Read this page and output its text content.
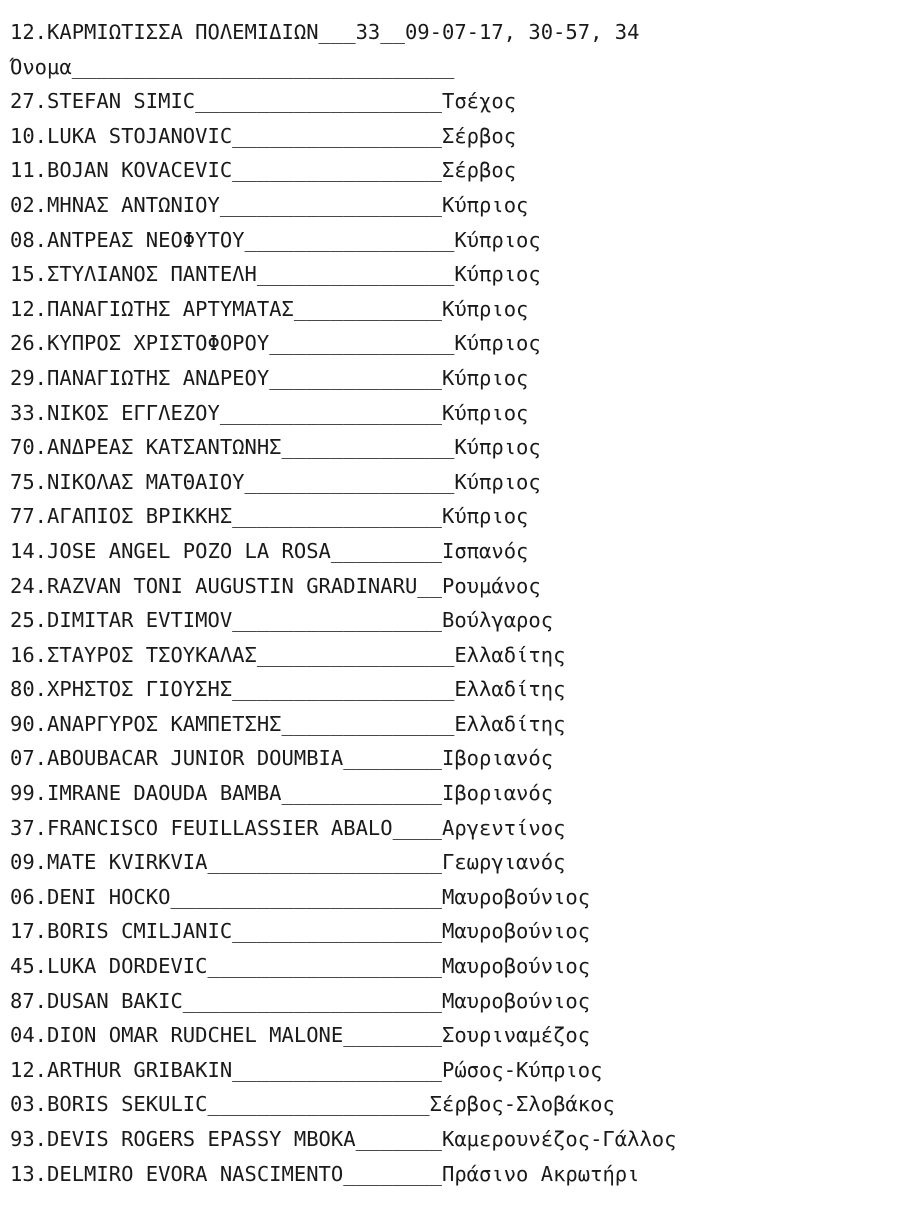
12.ΚΑΡΜΙΩΤΙΣΣΑ ΠΟΛΕΜΙΔΙΩΝ___33__09-07-17, 30-57, 34
Όνομα_______________________________
27.STEFAN SIMIC____________________Τσέχος
10.LUKA STOJANOVIC_________________Σέρβος
11.BOJAN KOVACEVIC_________________Σέρβος
02.ΜΗΝΑΣ ΑΝΤΩΝΙΟΥ__________________Κύπριος
08.ΑΝΤΡΕΑΣ ΝΕΟΦΥΤΟΥ_________________Κύπριος
15.ΣΤΥΛΙΑΝΟΣ ΠΑΝΤΕΛΗ________________Κύπριος
12.ΠΑΝΑΓΙΩΤΗΣ ΑΡΤΥΜΑΤΑΣ____________Κύπριος
26.ΚΥΠΡΟΣ ΧΡΙΣΤΟΦΟΡΟΥ_______________Κύπριος
29.ΠΑΝΑΓΙΩΤΗΣ ΑΝΔΡΕΟΥ______________Κύπριος
33.ΝΙΚΟΣ ΕΓΓΛΕΖΟΥ__________________Κύπριος
70.ΑΝΔΡΕΑΣ ΚΑΤΣΑΝΤΩΝΗΣ______________Κύπριος
75.ΝΙΚΟΛΑΣ ΜΑΤΘΑΙΟΥ_________________Κύπριος
77.ΑΓΑΠΙΟΣ ΒΡΙΚΚΗΣ_________________Κύπριος
14.JOSE ANGEL POZO LA ROSA_________Ισπανός
24.RAZVAN TONI AUGUSTIN GRADINARU__Ρουμάνος
25.DIMITAR EVTIMOV_________________Βούλγαρος
16.ΣΤΑΥΡΟΣ ΤΣΟΥΚΑΛΑΣ________________Ελλαδίτης
80.ΧΡΗΣΤΟΣ ΓΙΟΥΣΗΣ__________________Ελλαδίτης
90.ΑΝΑΡΓΥΡΟΣ ΚΑΜΠΕΤΣΗΣ______________Ελλαδίτης
07.ABOUBACAR JUNIOR DOUMBIA________Ιβοριανός
99.IMRANE DAOUDA BAMBA_____________Ιβοριανός
37.FRANCISCO FEUILLASSIER ABALO____Αργεντίνος
09.MATE KVIRKVIA___________________Γεωργιανός
06.DENI HOCKO______________________Μαυροβούνιος
17.BORIS CMILJANIC_________________Μαυροβούνιος
45.LUKA DORDEVIC___________________Μαυροβούνιος
87.DUSAN BAKIC_____________________Μαυροβούνιος
04.DION OMAR RUDCHEL MALONE________Σουριναμέζος
12.ARTHUR GRIBAKIN_________________Ρώσος-Κύπριος
03.BORIS SEKULIC__________________Σέρβος-Σλοβάκος
93.DEVIS ROGERS EPASSY MBOKA_______Καμερουνέζος-Γάλλος
13.DELMIRO EVORA NASCIMENTO________Πράσινο Ακρωτήρι
